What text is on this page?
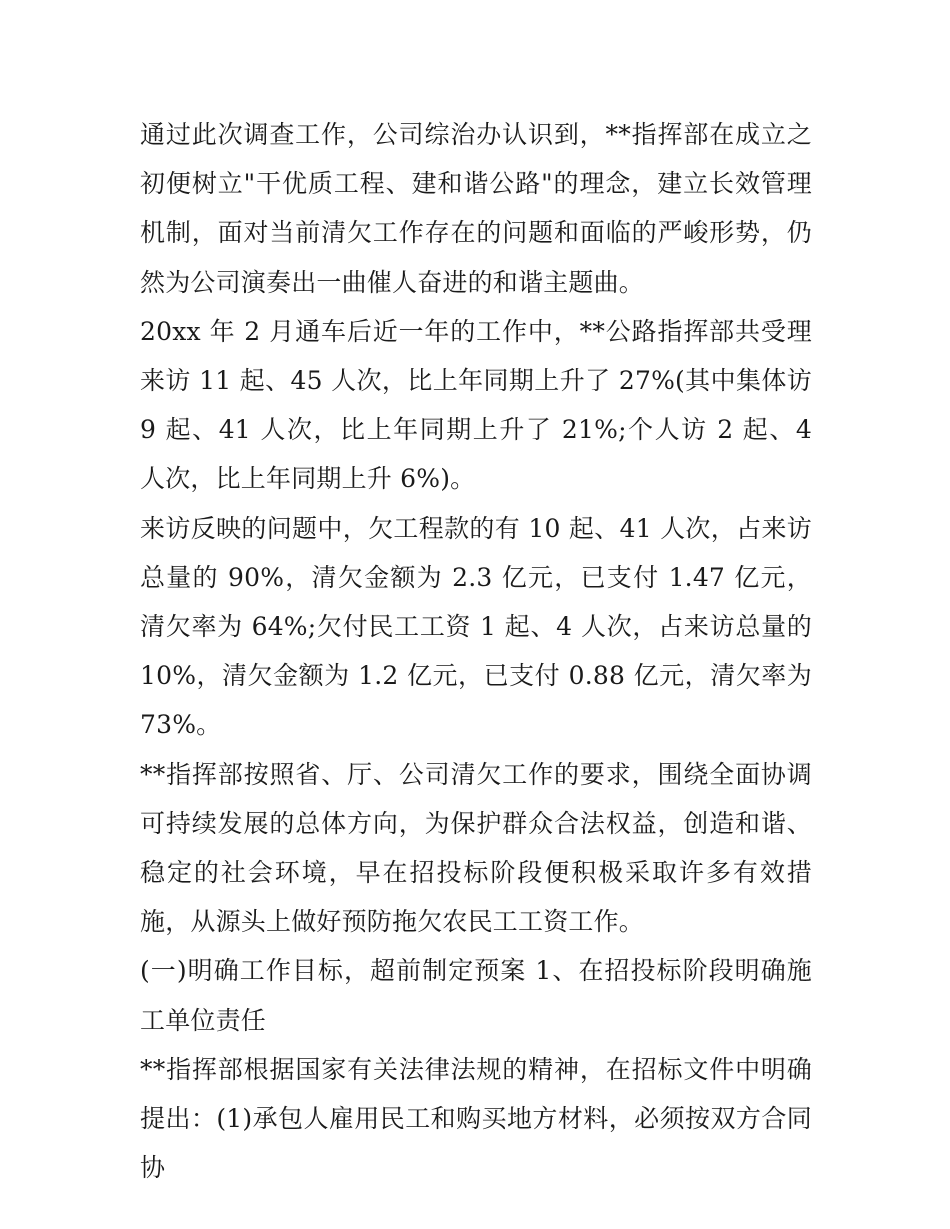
通过此次调查工作，公司综治办认识到，**指挥部在成立之初便树立"干优质工程、建和谐公路"的理念，建立长效管理机制，面对当前清欠工作存在的问题和面临的严峻形势，仍然为公司演奏出一曲催人奋进的和谐主题曲。

20xx 年 2 月通车后近一年的工作中，**公路指挥部共受理来访 11 起、45 人次，比上年同期上升了 27%(其中集体访 9 起、41 人次，比上年同期上升了 21%;个人访 2 起、4 人次，比上年同期上升 6%)。

来访反映的问题中，欠工程款的有 10 起、41 人次，占来访总量的 90%，清欠金额为 2.3 亿元，已支付 1.47 亿元，清欠率为 64%;欠付民工工资 1 起、4 人次，占来访总量的 10%，清欠金额为 1.2 亿元，已支付 0.88 亿元，清欠率为 73%。

**指挥部按照省、厅、公司清欠工作的要求，围绕全面协调可持续发展的总体方向，为保护群众合法权益，创造和谐、稳定的社会环境，早在招投标阶段便积极采取许多有效措施，从源头上做好预防拖欠农民工工资工作。

(一)明确工作目标，超前制定预案 1、在招投标阶段明确施工单位责任

**指挥部根据国家有关法律法规的精神，在招标文件中明确提出：(1)承包人雇用民工和购买地方材料，必须按双方合同协
